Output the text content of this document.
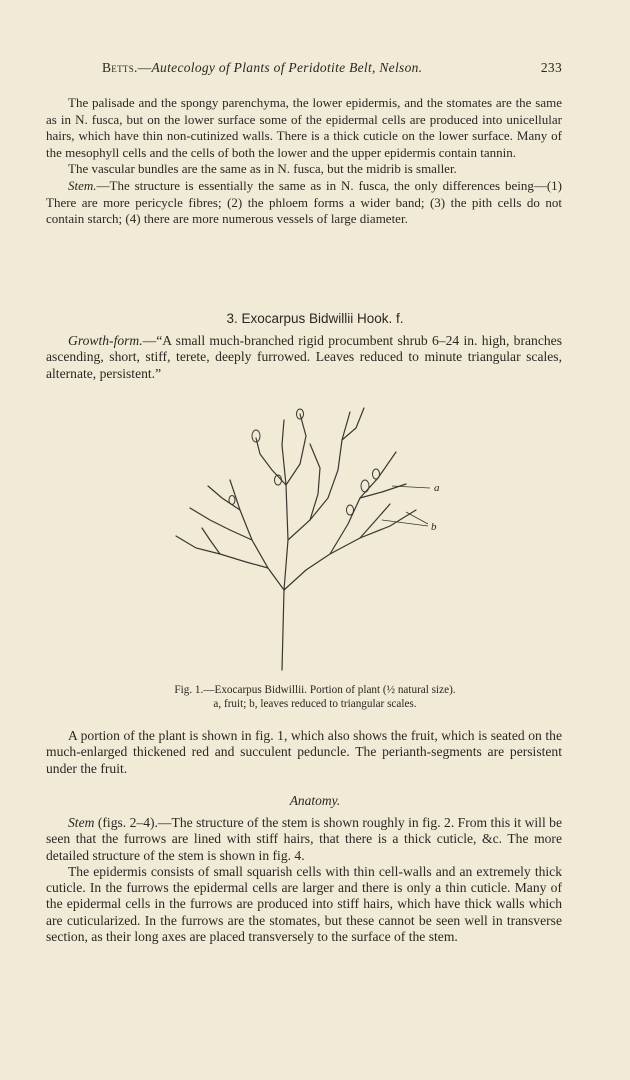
Betts.—Autecology of Plants of Peridotite Belt, Nelson.	233

The palisade and the spongy parenchyma, the lower epidermis, and the stomates are the same as in N. fusca, but on the lower surface some of the epidermal cells are produced into unicellular hairs, which have thin non-cutinized walls. There is a thick cuticle on the lower surface. Many of the mesophyll cells and the cells of both the lower and the upper epidermis contain tannin.

The vascular bundles are the same as in N. fusca, but the midrib is smaller.

Stem.—The structure is essentially the same as in N. fusca, the only differences being—(1) There are more pericycle fibres; (2) the phloem forms a wider band; (3) the pith cells do not contain starch; (4) there are more numerous vessels of large diameter.

3. Exocarpus Bidwillii Hook. f.

Growth-form.—“A small much-branched rigid procumbent shrub 6–24 in. high, branches ascending, short, stiff, terete, deeply furrowed. Leaves reduced to minute triangular scales, alternate, persistent.”

a
b
Fig. 1.—Exocarpus Bidwillii. Portion of plant (½ natural size).
a, fruit; b, leaves reduced to triangular scales.

A portion of the plant is shown in fig. 1, which also shows the fruit, which is seated on the much-enlarged thickened red and succulent peduncle. The perianth-segments are persistent under the fruit.

Anatomy.

Stem (figs. 2–4).—The structure of the stem is shown roughly in fig. 2. From this it will be seen that the furrows are lined with stiff hairs, that there is a thick cuticle, &c. The more detailed structure of the stem is shown in fig. 4.

The epidermis consists of small squarish cells with thin cell-walls and an extremely thick cuticle. In the furrows the epidermal cells are larger and there is only a thin cuticle. Many of the epidermal cells in the furrows are produced into stiff hairs, which have thick walls which are cuticularized. In the furrows are the stomates, but these cannot be seen well in transverse section, as their long axes are placed transversely to the surface of the stem.
